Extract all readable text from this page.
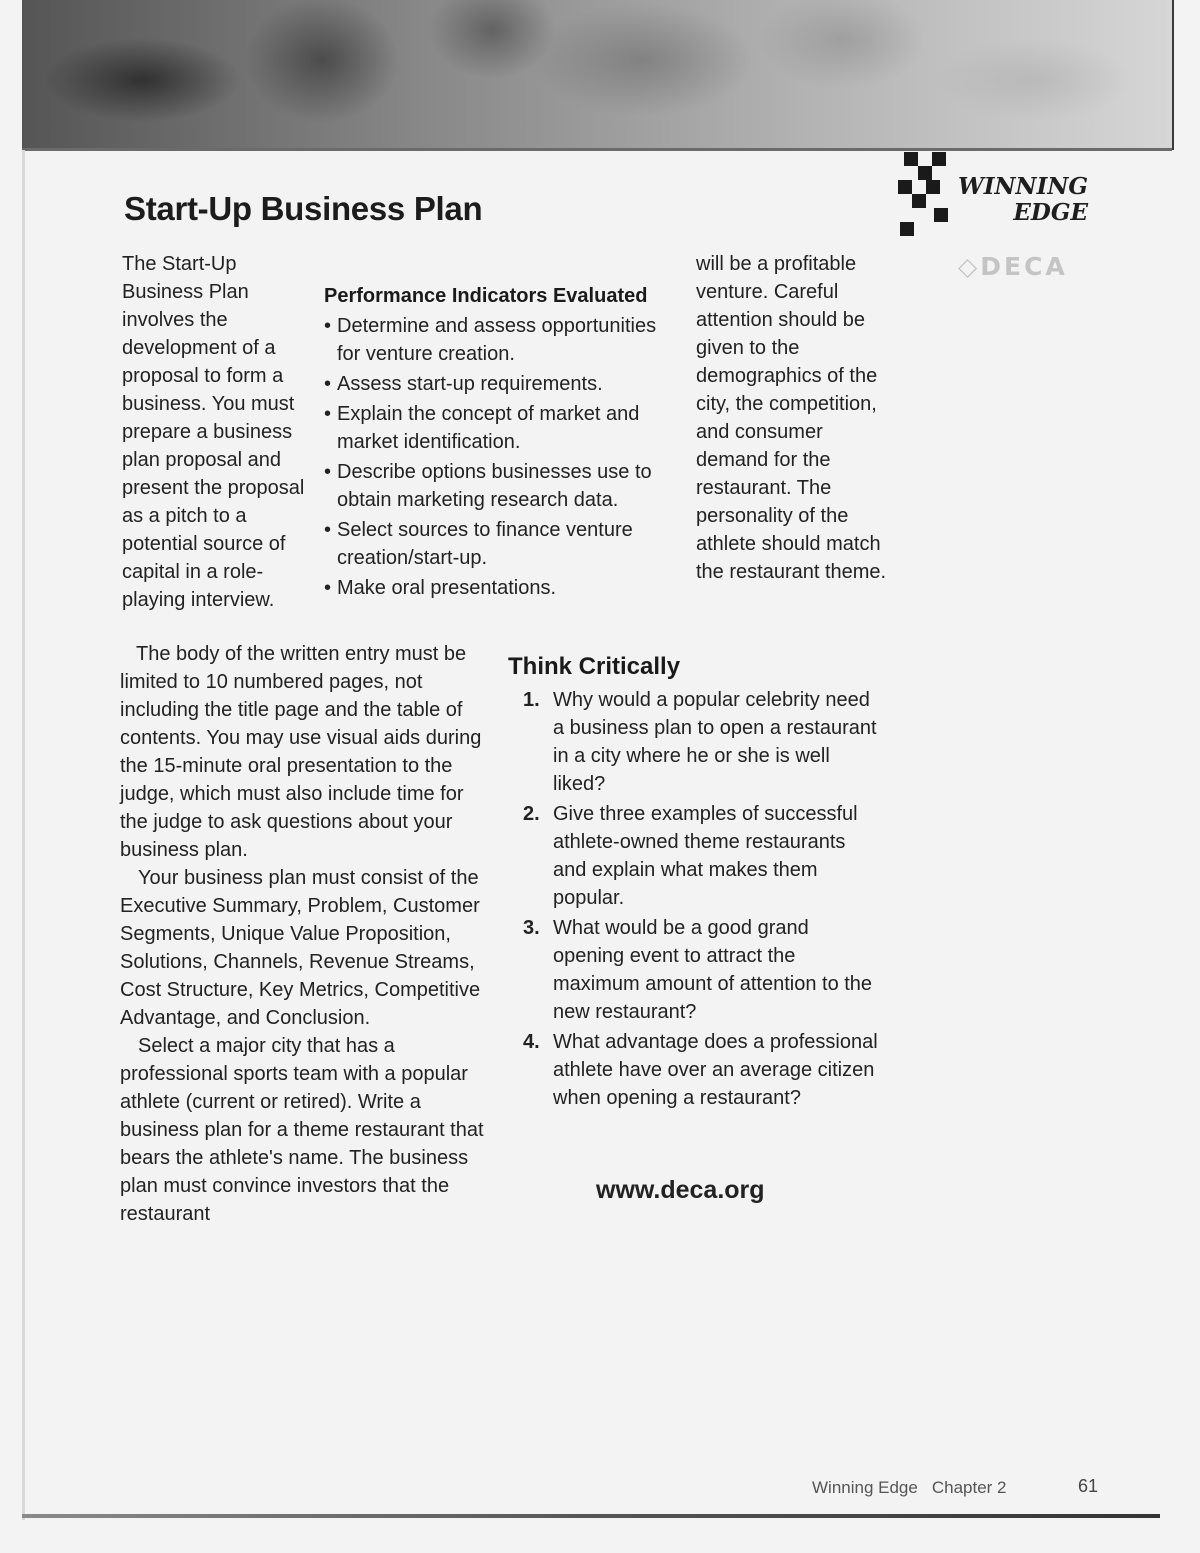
Start-Up Business Plan
WINNING
EDGE
◇DECA

The Start-Up Business Plan involves the development of a proposal to form a business. You must prepare a business plan proposal and present the proposal as a pitch to a potential source of capital in a role-playing interview.

Performance Indicators Evaluated
• Determine and assess opportunities for venture creation.
• Assess start-up requirements.
• Explain the concept of market and market identification.
• Describe options businesses use to obtain marketing research data.
• Select sources to finance venture creation/start-up.
• Make oral presentations.

will be a profitable venture. Careful attention should be given to the demographics of the city, the competition, and consumer demand for the restaurant. The personality of the athlete should match the restaurant theme.

The body of the written entry must be limited to 10 numbered pages, not including the title page and the table of contents. You may use visual aids during the 15-minute oral presentation to the judge, which must also include time for the judge to ask questions about your business plan.

Your business plan must consist of the Executive Summary, Problem, Customer Segments, Unique Value Proposition, Solutions, Channels, Revenue Streams, Cost Structure, Key Metrics, Competitive Advantage, and Conclusion.

Select a major city that has a professional sports team with a popular athlete (current or retired). Write a business plan for a theme restaurant that bears the athlete's name. The business plan must convince investors that the restaurant

Think Critically
1. Why would a popular celebrity need a business plan to open a restaurant in a city where he or she is well liked?
2. Give three examples of successful athlete-owned theme restaurants and explain what makes them popular.
3. What would be a good grand opening event to attract the maximum amount of attention to the new restaurant?
4. What advantage does a professional athlete have over an average citizen when opening a restaurant?
www.deca.org
Winning Edge Chapter 2	61
